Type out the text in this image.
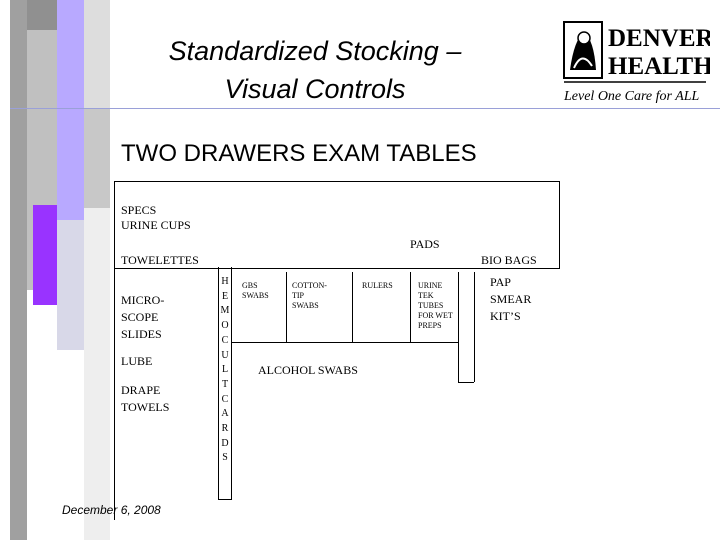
Standardized Stocking –
Visual Controls
DENVER
HEALTH
Level One Care for ALL
TWO DRAWERS EXAM TABLES
SPECS
URINE CUPS
PADS
TOWELETTES	BIO BAGS
MICRO-
SCOPE
SLIDES
LUBE
DRAPE
TOWELS
H
E
M
O
C
U
L
T
C
A
R
D
S
GBS
SWABS
COTTON-
TIP
SWABS
RULERS	URINE
TEK
TUBES
FOR WET
PREPS
ALCOHOL SWABS
PAP
SMEAR
KIT’S
December 6, 2008
